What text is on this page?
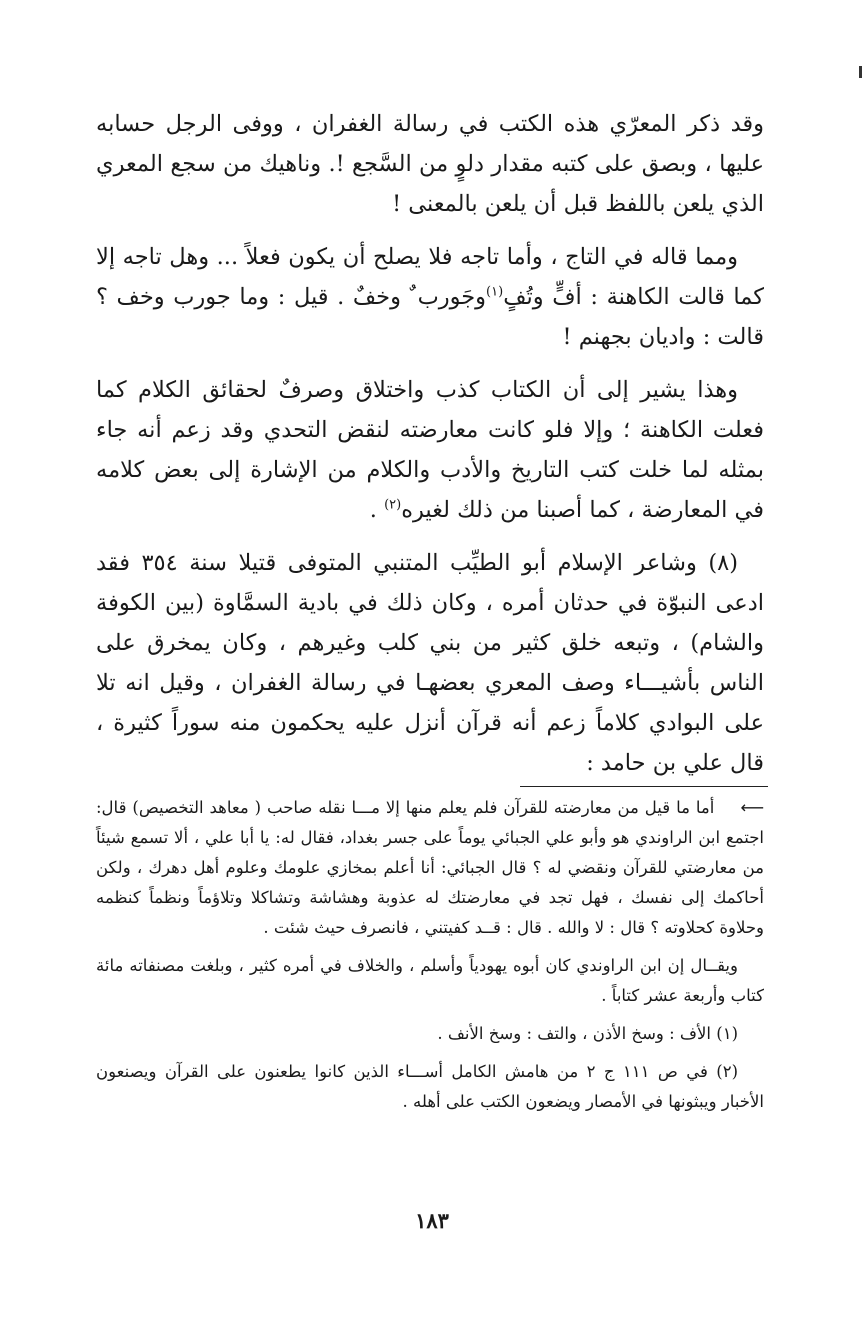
وقد ذكر المعرّي هذه الكتب في رسالة الغفران ، ووفى الرجل حسابه عليها ، وبصق على كتبه مقدار دلوٍ من السَّجع !. وناهيك من سجع المعري الذي يلعن باللفظ قبل أن يلعن بالمعنى !

ومما قاله في التاج ، وأما تاجه فلا يصلح أن يكون فعلاً ... وهل تاجه إلا كما قالت الكاهنة : أفٍّ وتُفٍ$^{(١)}$وجَورب ٌ وخفٌ . قيل : وما جورب وخف ؟ قالت : واديان بجهنم !

وهذا يشير إلى أن الكتاب كذب واختلاق وصرفٌ لحقائق الكلام كما فعلت الكاهنة ؛ وإلا فلو كانت معارضته لنقض التحدي وقد زعم أنه جاء بمثله لما خلت كتب التاريخ والأدب والكلام من الإشارة إلى بعض كلامه في المعارضة ، كما أصبنا من ذلك لغيره$^{(٢)}$ .

(٨) وشاعر الإسلام أبو الطيِّب المتنبي المتوفى قتيلا سنة ٣٥٤ فقد ادعى النبوّة في حدثان أمره ، وكان ذلك في بادية السمَّاوة (بين الكوفة والشام) ، وتبعه خلق كثير من بني كلب وغيرهم ، وكان يمخرق على الناس بأشيـــاء وصف المعري بعضهـا في رسالة الغفران ، وقيل انه تلا على البوادي كلاماً زعم أنه قرآن أنزل عليه يحكمون منه سوراً كثيرة ، قال علي بن حامد :

⟵أما ما قيل من معارضته للقرآن فلم يعلم منها إلا مـــا نقله صاحب ( معاهد التخصيص) قال: اجتمع ابن الراوندي هو وأبو علي الجبائي يوماً على جسر بغداد، فقال له: يا أبا علي ، ألا تسمع شيئاً من معارضتي للقرآن ونقضي له ؟ قال الجبائي: أنا أعلم بمخازي علومك وعلوم أهل دهرك ، ولكن أحاكمك إلى نفسك ، فهل تجد في معارضتك له عذوبة وهشاشة وتشاكلا وتلاؤماً ونظماً كنظمه وحلاوة كحلاوته ؟ قال : لا والله . قال : قــد كفيتني ، فانصرف حيث شئت .

ويقــال إن ابن الراوندي كان أبوه يهودياً وأسلم ، والخلاف في أمره كثير ، وبلغت مصنفاته مائة كتاب وأربعة عشر كتاباً .

(١) الأف : وسخ الأذن ، والتف : وسخ الأنف .

(٢) في ص ١١١ ج ٢ من هامش الكامل أســـاء الذين كانوا يطعنون على القرآن ويصنعون الأخبار ويبثونها في الأمصار ويضعون الكتب على أهله .

١٨٣
